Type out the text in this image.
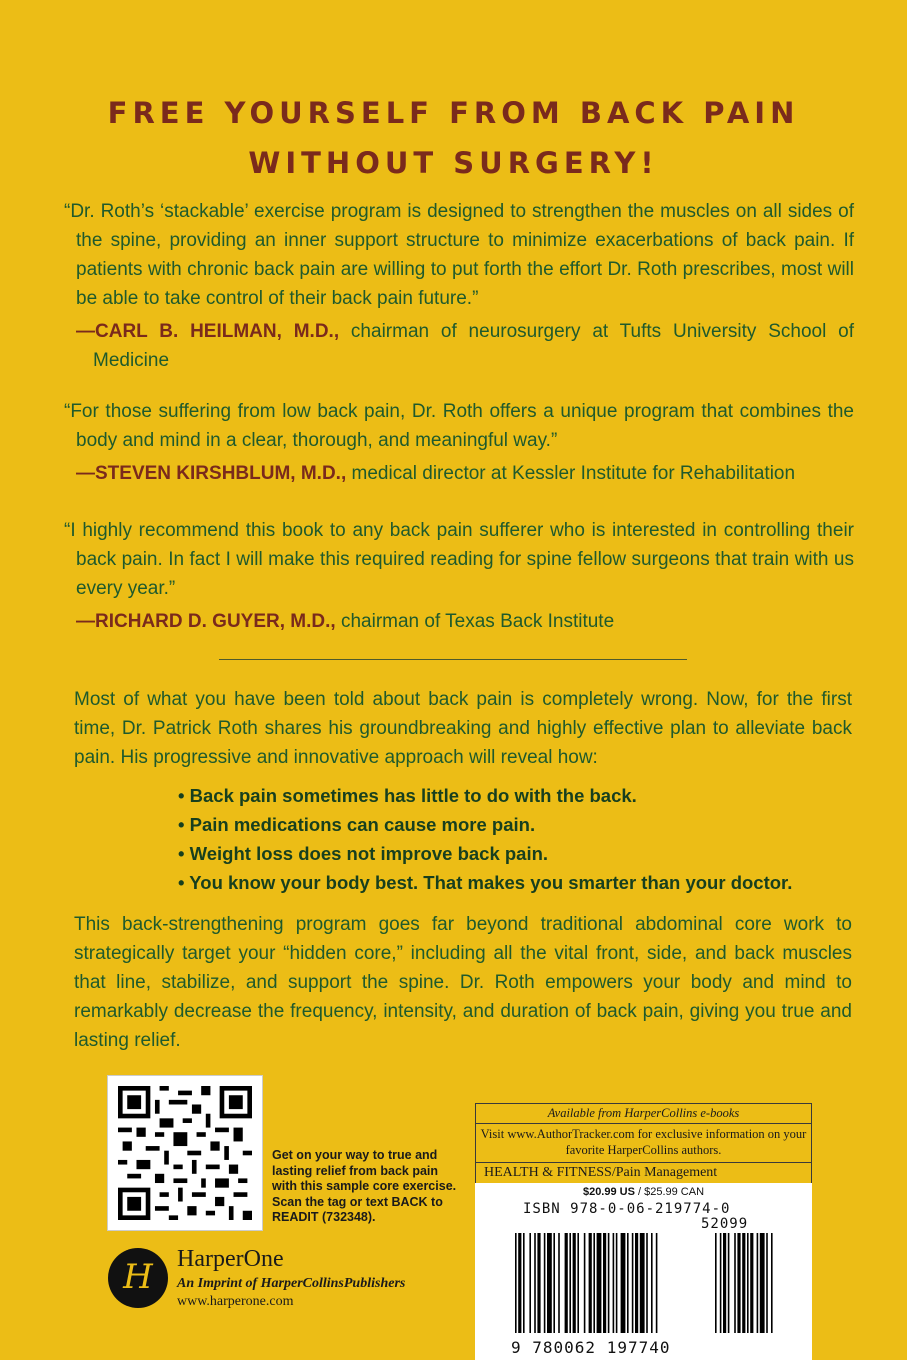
FREE YOURSELF FROM BACK PAIN
WITHOUT SURGERY!

“Dr. Roth’s ‘stackable’ exercise program is designed to strengthen the muscles on all sides of the spine, providing an inner support structure to minimize exacerbations of back pain. If patients with chronic back pain are willing to put forth the effort Dr. Roth prescribes, most will be able to take control of their back pain future.”

—CARL B. HEILMAN, M.D., chairman of neurosurgery at Tufts University School of Medicine

“For those suffering from low back pain, Dr. Roth offers a unique program that combines the body and mind in a clear, thorough, and meaningful way.”

—STEVEN KIRSHBLUM, M.D., medical director at Kessler Institute for Rehabilitation

“I highly recommend this book to any back pain sufferer who is interested in controlling their back pain. In fact I will make this required reading for spine fellow surgeons that train with us every year.”

—RICHARD D. GUYER, M.D., chairman of Texas Back Institute

Most of what you have been told about back pain is completely wrong. Now, for the first time, Dr. Patrick Roth shares his groundbreaking and highly effective plan to alleviate back pain. His progressive and innovative approach will reveal how:

• Back pain sometimes has little to do with the back.
• Pain medications can cause more pain.
• Weight loss does not improve back pain.
• You know your body best. That makes you smarter than your doctor.

This back-strengthening program goes far beyond traditional abdominal core work to strategically target your “hidden core,” including all the vital front, side, and back muscles that line, stabilize, and support the spine. Dr. Roth empowers your body and mind to remarkably decrease the frequency, intensity, and duration of back pain, giving you true and lasting relief.

Get on your way to true and lasting relief from back pain with this sample core exercise. Scan the tag or text BACK to READIT (732348).

H	HarperOne
An Imprint of HarperCollinsPublishers
www.harperone.com
Available from HarperCollins e-books
Visit www.AuthorTracker.com for exclusive information on your favorite HarperCollins authors.
HEALTH & FITNESS/Pain Management
$20.99 US / $25.99 CAN
ISBN 978-0-06-219774-0
52099
9 780062 197740
